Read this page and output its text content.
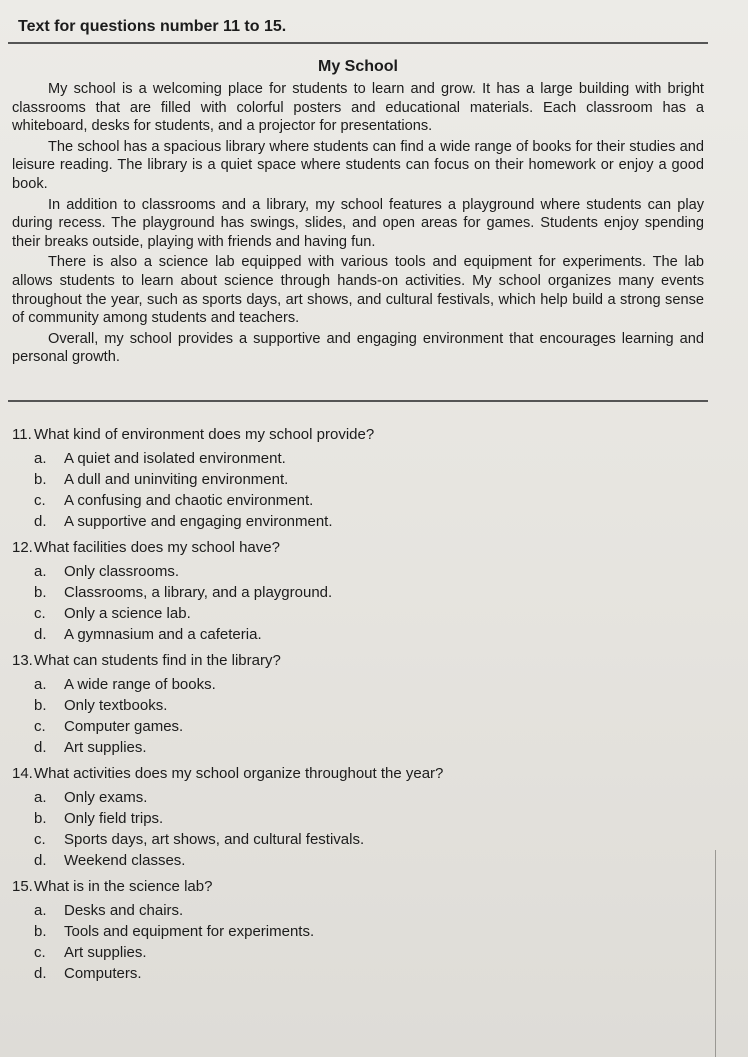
Text for questions number 11 to 15.
My School

My school is a welcoming place for students to learn and grow. It has a large building with bright classrooms that are filled with colorful posters and educational materials. Each classroom has a whiteboard, desks for students, and a projector for presentations.

The school has a spacious library where students can find a wide range of books for their studies and leisure reading. The library is a quiet space where students can focus on their homework or enjoy a good book.

In addition to classrooms and a library, my school features a playground where students can play during recess. The playground has swings, slides, and open areas for games. Students enjoy spending their breaks outside, playing with friends and having fun.

There is also a science lab equipped with various tools and equipment for experiments. The lab allows students to learn about science through hands-on activities. My school organizes many events throughout the year, such as sports days, art shows, and cultural festivals, which help build a strong sense of community among students and teachers.

Overall, my school provides a supportive and engaging environment that encourages learning and personal growth.

11. What kind of environment does my school provide?
a. A quiet and isolated environment.
b. A dull and uninviting environment.
c. A confusing and chaotic environment.
d. A supportive and engaging environment.
12.What facilities does my school have?
a. Only classrooms.
b. Classrooms, a library, and a playground.
c. Only a science lab.
d. A gymnasium and a cafeteria.
13.What can students find in the library?
a. A wide range of books.
b. Only textbooks.
c. Computer games.
d. Art supplies.
14.What activities does my school organize throughout the year?
a. Only exams.
b. Only field trips.
c. Sports days, art shows, and cultural festivals.
d. Weekend classes.
15.What is in the science lab?
a. Desks and chairs.
b. Tools and equipment for experiments.
c. Art supplies.
d. Computers.
